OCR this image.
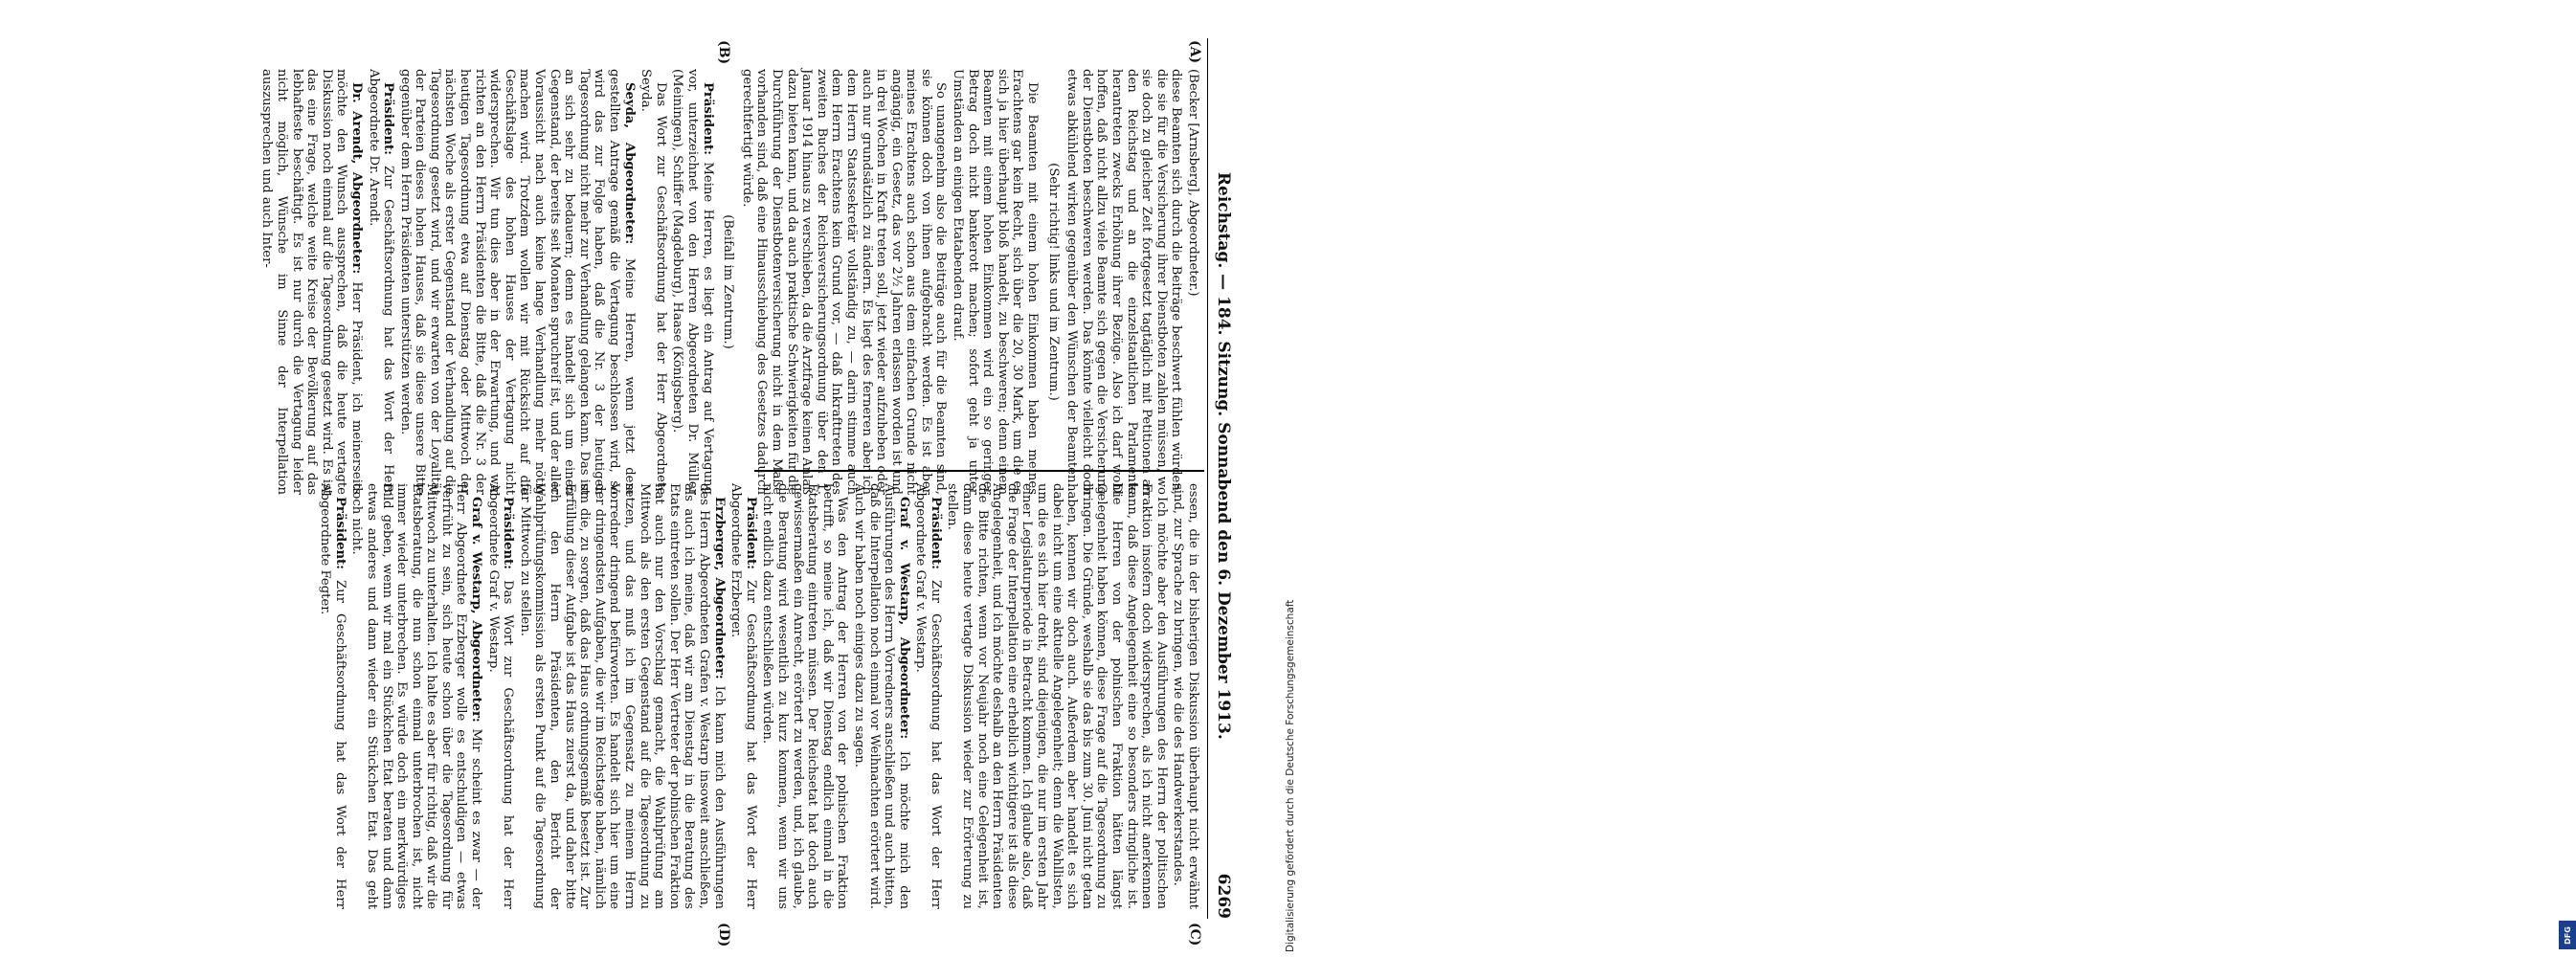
Reichstag. — 184. Sitzung. Sonnabend den 6. Dezember 1913.
6269
(A)
(B)
(C)
(D)

(Becker [Arnsberg], Abgeordneter.)

diese Beamten sich durch die Beiträge beschwert fühlen würden, die sie für die Versicherung ihrer Dienstboten zahlen müssen, wo sie doch zu gleicher Zeit fortgesetzt tagtäglich mit Petitionen an den Reichstag und an die einzelstaatlichen Parlamente herantreten zwecks Erhöhung ihrer Bezüge. Also ich darf wohl hoffen, daß nicht allzu viele Beamte sich gegen die Versicherung der Dienstboten beschweren werden. Das könnte vielleicht doch etwas abkühlend wirken gegenüber den Wünschen der Beamten.

(Sehr richtig! links und im Zentrum.)

Die Beamten mit einem hohen Einkommen haben meines Erachtens gar kein Recht, sich über die 20, 30 Mark, um die es sich ja hier überhaupt bloß handelt, zu beschweren; denn einem Beamten mit einem hohen Einkommen wird ein so geringer Betrag doch nicht bankerott machen; sofort geht ja unter Umständen an einigen Etatabenden drauf.

So unangenehm also die Beiträge auch für die Beamten sind, sie können doch von ihnen aufgebracht werden. Es ist aber meines Erachtens auch schon aus dem einfachen Grunde nicht angängig, ein Gesetz, das vor 2½ Jahren erlassen worden ist und in drei Wochen in Kraft treten soll, jetzt wieder aufzuheben oder auch nur grundsätzlich zu ändern. Es liegt des ferneren aber ich dem Herrn Staatssekretär vollständig zu, — darin stimme auch dem Herrn Erachtens kein Grund vor, — daß Inkrafttreten des zweiten Buches der Reichsversicherungsordnung über den 1. Januar 1914 hinaus zu verschieben, da die Arztfrage keinen Anlaß dazu bieten kann, und da auch praktische Schwierigkeiten für die Durchführung der Dienstbotenversicherung nicht in dem Maße vorhanden sind, daß eine Hinausschiebung des Gesetzes dadurch gerechtfertigt würde.

(Beifall im Zentrum.)

Präsident: Meine Herren, es liegt ein Antrag auf Vertagung vor, unterzeichnet von den Herren Abgeordneten Dr. Müller (Meiningen), Schiffer (Magdeburg), Haase (Königsberg).

Das Wort zur Geschäftsordnung hat der Herr Abgeordnete Seyda.

Seyda, Abgeordneter: Meine Herren, wenn jetzt dem gestellten Antrage gemäß die Vertagung beschlossen wird, so wird das zur Folge haben, daß die Nr. 3 der heutigen Tagesordnung nicht mehr zur Verhandlung gelangen kann. Das ist an sich sehr zu bedauern; denn es handelt sich um einen Gegenstand, der bereits seit Monaten spruchreif ist, und der aller Voraussicht nach auch keine lange Verhandlung mehr nötig machen wird. Trotzdem wollen wir mit Rücksicht auf die Geschäftslage des hohen Hauses der Vertagung nicht widersprechen. Wir tun dies aber in der Erwartung, und wir richten an den Herrn Präsidenten die Bitte, daß die Nr. 3 der heutigen Tagesordnung etwa auf Dienstag oder Mittwoch der nächsten Woche als erster Gegenstand der Verhandlung auf die Tagesordnung gesetzt wird, und wir erwarten von der Loyalität der Parteien dieses hohen Hauses, daß sie diese unsere Bitte gegenüber dem Herrn Präsidenten unterstützen werden.

Präsident: Zur Geschäftsordnung hat das Wort der Herr Abgeordnete Dr. Arendt.

Dr. Arendt, Abgeordneter: Herr Präsident, ich meinerseits möchte den Wunsch aussprechen, daß die heute vertagte Diskussion noch einmal auf die Tagesordnung gesetzt wird. Es ist das eine Frage, welche weite Kreise der Bevölkerung auf das lebhafteste beschäftigt. Es ist nur durch die Vertagung leider nicht möglich, Wünsche im Sinne der Interpellation auszusprechen und auch Inter-

essen, die in der bisherigen Diskussion überhaupt nicht erwähnt sind, zur Sprache zu bringen, wie die des Handwerkerstandes.

Ich möchte aber den Ausführungen des Herrn der politischen Fraktion insofern doch widersprechen, als ich nicht anerkennen kann, daß diese Angelegenheit eine so besonders dringliche ist. Die Herren von der polnischen Fraktion hätten längst Gelegenheit haben können, diese Frage auf die Tagesordnung zu bringen. Die Gründe, weshalb sie das bis zum 30. Juni nicht getan haben, kennen wir doch auch. Außerdem aber handelt es sich dabei nicht um eine aktuelle Angelegenheit; denn die Wahllisten, um die es sich hier dreht, sind diejenigen, die nur im ersten Jahr einer Legislaturperiode in Betracht kommen. Ich glaube also, daß die Frage der Interpellation eine erheblich wichtigere ist als diese Angelegenheit, und ich möchte deshalb an den Herrn Präsidenten die Bitte richten, wenn vor Neujahr noch eine Gelegenheit ist, dann diese heute vertagte Diskussion wieder zur Erörterung zu stellen.

Präsident: Zur Geschäftsordnung hat das Wort der Herr Abgeordnete Graf v. Westarp.

Graf v. Westarp, Abgeordneter: Ich möchte mich den Ausführungen des Herrn Vorredners anschließen und auch bitten, daß die Interpellation noch einmal vor Weihnachten erörtert wird. Auch wir haben noch einiges dazu zu sagen.

Was den Antrag der Herren von der polnischen Fraktion betrifft, so meine ich, daß wir Dienstag endlich einmal in die Etatsberatung eintreten müssen. Der Reichsetat hat doch auch gewissermaßen ein Anrecht, erörtert zu werden, und, ich glaube, die Beratung wird wesentlich zu kurz kommen, wenn wir uns nicht endlich dazu entschließen würden.

Präsident: Zur Geschäftsordnung hat das Wort der Herr Abgeordnete Erzberger.

Erzberger, Abgeordneter: Ich kann mich den Ausführungen des Herrn Abgeordneten Grafen v. Westarp insoweit anschließen, als auch ich meine, daß wir am Dienstag in die Beratung des Etats eintreten sollen. Der Herr Vertreter der polnischen Fraktion hat auch nur den Vorschlag gemacht, die Wahlprüfung am Mittwoch als den ersten Gegenstand auf die Tagesordnung zu setzen, und das muß ich im Gegensatz zu meinem Herrn Vorredner dringend befürworten. Es handelt sich hier um eine der dringendsten Aufgaben, die wir im Reichstage haben, nämlich um die, zu sorgen, daß das Haus ordnungsgemäß besetzt ist. Zur Erfüllung dieser Aufgabe ist das Haus zuerst da, und daher bitte ich den Herrn Präsidenten, den Bericht der Wahlprüfungskommission als ersten Punkt auf die Tagesordnung für Mittwoch zu stellen.

Präsident: Das Wort zur Geschäftsordnung hat der Herr Abgeordnete Graf v. Westarp.

Graf v. Westarp, Abgeordneter: Mir scheint es zwar — der Herr Abgeordnete Erzberger wolle es entschuldigen — etwas verfrüht zu sein, sich heute schon über die Tagesordnung für Mittwoch zu unterhalten. Ich halte es aber für richtig, daß wir die Etatsberatung, die nun schon einmal unterbrochen ist, nicht immer wieder unterbrechen. Es würde doch ein merkwürdiges Bild geben, wenn wir mal ein Stückchen Etat beraten und dann etwas anderes und dann wieder ein Stückchen Etat. Das geht doch nicht.

Präsident: Zur Geschäftsordnung hat das Wort der Herr Abgeordnete Fegter.

Digitalisierung gefördert durch die Deutsche Forschungsgemeinschaft	DFG
